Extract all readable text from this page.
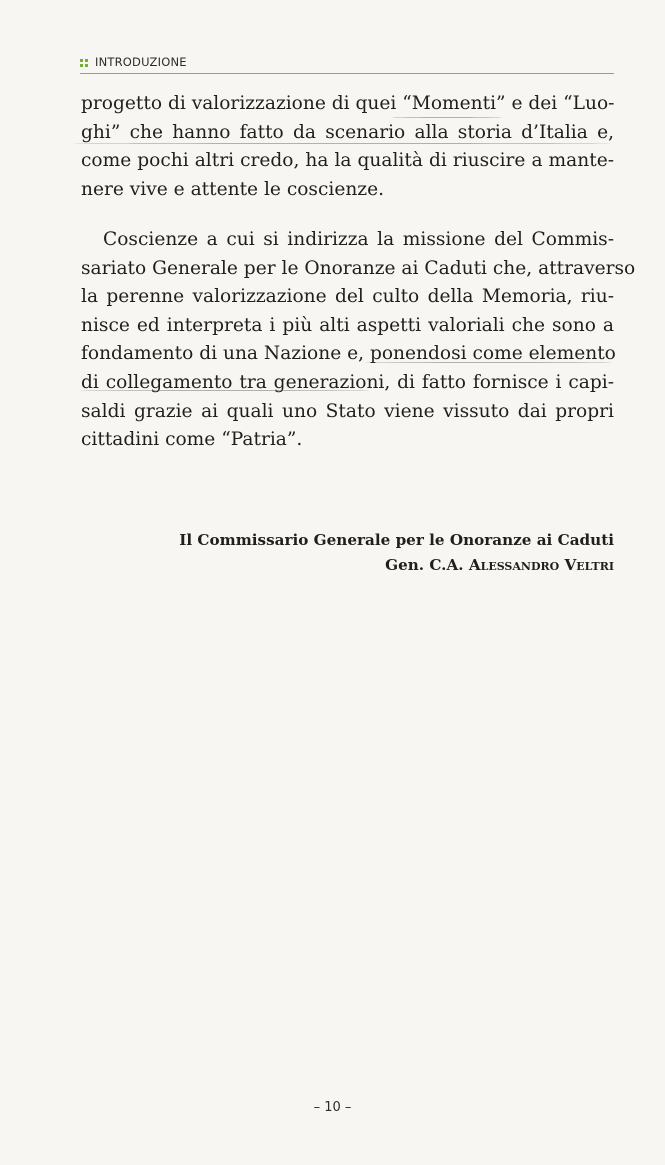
INTRODUZIONE
progetto di valorizzazione di quei “Momenti” e dei “Luo-
ghi” che hanno fatto da scenario alla storia d’Italia e,
come pochi altri credo, ha la qualità di riuscire a mante-
nere vive e attente le coscienze.
Coscienze a cui si indirizza la missione del Commis-
sariato Generale per le Onoranze ai Caduti che, attraverso
la perenne valorizzazione del culto della Memoria, riu-
nisce ed interpreta i più alti aspetti valoriali che sono a
fondamento di una Nazione e, ponendosi come elemento
di collegamento tra generazioni, di fatto fornisce i capi-
saldi grazie ai quali uno Stato viene vissuto dai propri
cittadini come “Patria”.
Il Commissario Generale per le Onoranze ai Caduti
Gen. C.A. Alessandro Veltri
– 10 –
